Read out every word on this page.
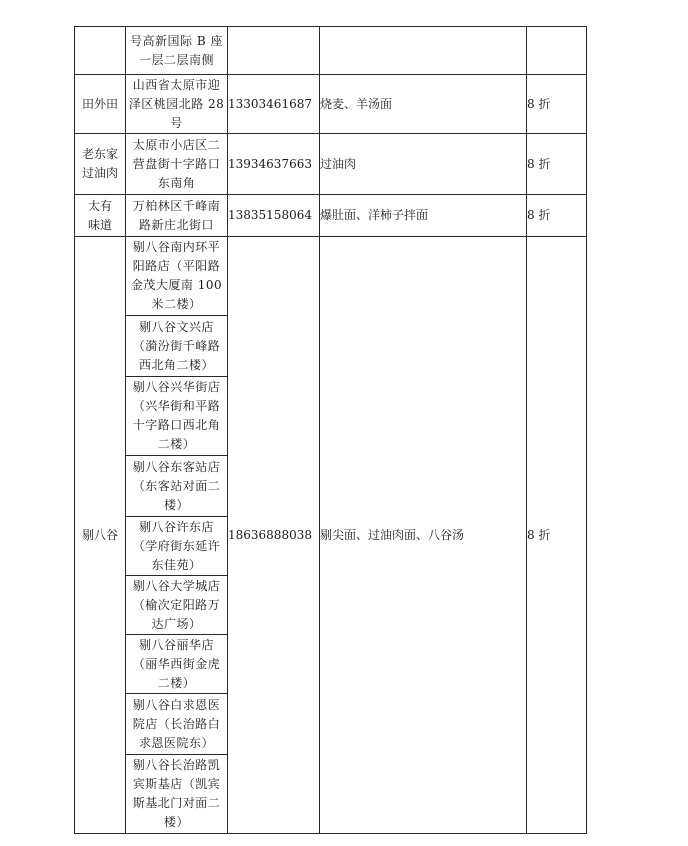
	号高新国际 B 座
一层二层南侧			

田外田	山西省太原市迎
泽区桃园北路 28
号	13303461687	烧麦、羊汤面	8 折

老东家
过油肉	太原市小店区二
营盘街十字路口
东南角	13934637663	过油肉	8 折

太有
味道	万柏林区千峰南
路新庄北街口	13835158064	爆肚面、洋柿子拌面	8 折
剔八谷	剔八谷南内环平
阳路店（平阳路
金茂大厦南 100
米二楼）	18636888038	剔尖面、过油肉面、八谷汤	8 折

	剔八谷文兴店
（漪汾街千峰路
西北角二楼）			

	剔八谷兴华街店
（兴华街和平路
十字路口西北角
二楼）			

	剔八谷东客站店
（东客站对面二
楼）			

	剔八谷许东店
（学府街东延许
东佳苑）			

	剔八谷大学城店
（榆次定阳路万
达广场）			

	剔八谷丽华店
（丽华西街金虎
二楼）			

	剔八谷白求恩医
院店（长治路白
求恩医院东）			

	剔八谷长治路凯
宾斯基店（凯宾
斯基北门对面二
楼）			
